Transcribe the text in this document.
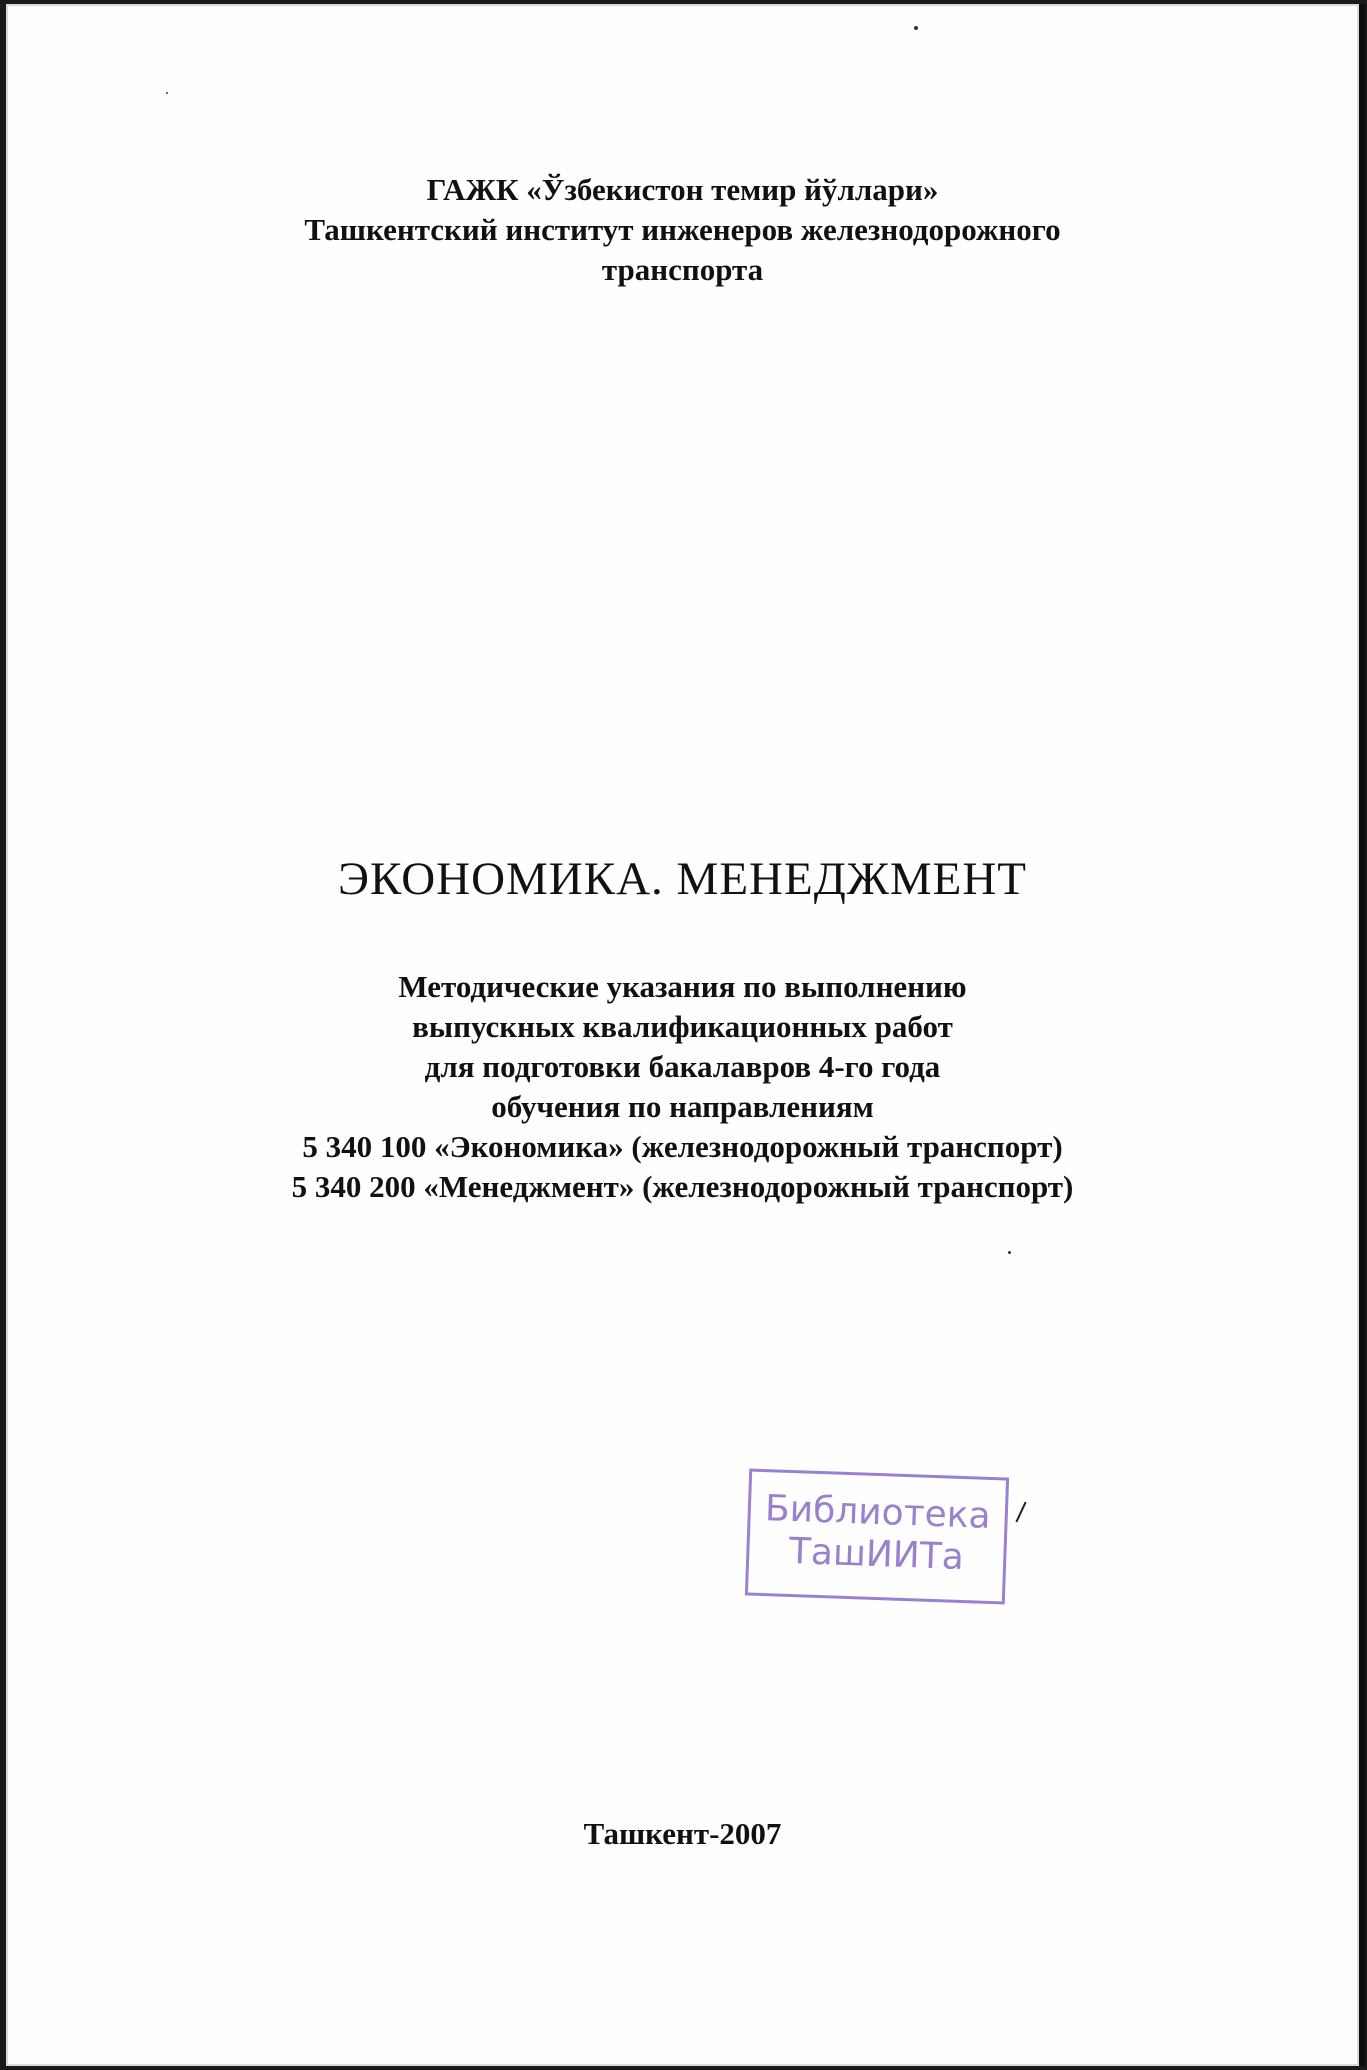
ГАЖК «Ўзбекистон темир йўллари»
Ташкентский институт инженеров железнодорожного
транспорта
ЭКОНОМИКА. МЕНЕДЖМЕНТ
Методические указания по выполнению
выпускных квалификационных работ
для подготовки бакалавров 4-го года
обучения по направлениям
5 340 100 «Экономика» (железнодорожный транспорт)
5 340 200 «Менеджмент» (железнодорожный транспорт)
Библиотека
ТашИИТа
Ташкент-2007
